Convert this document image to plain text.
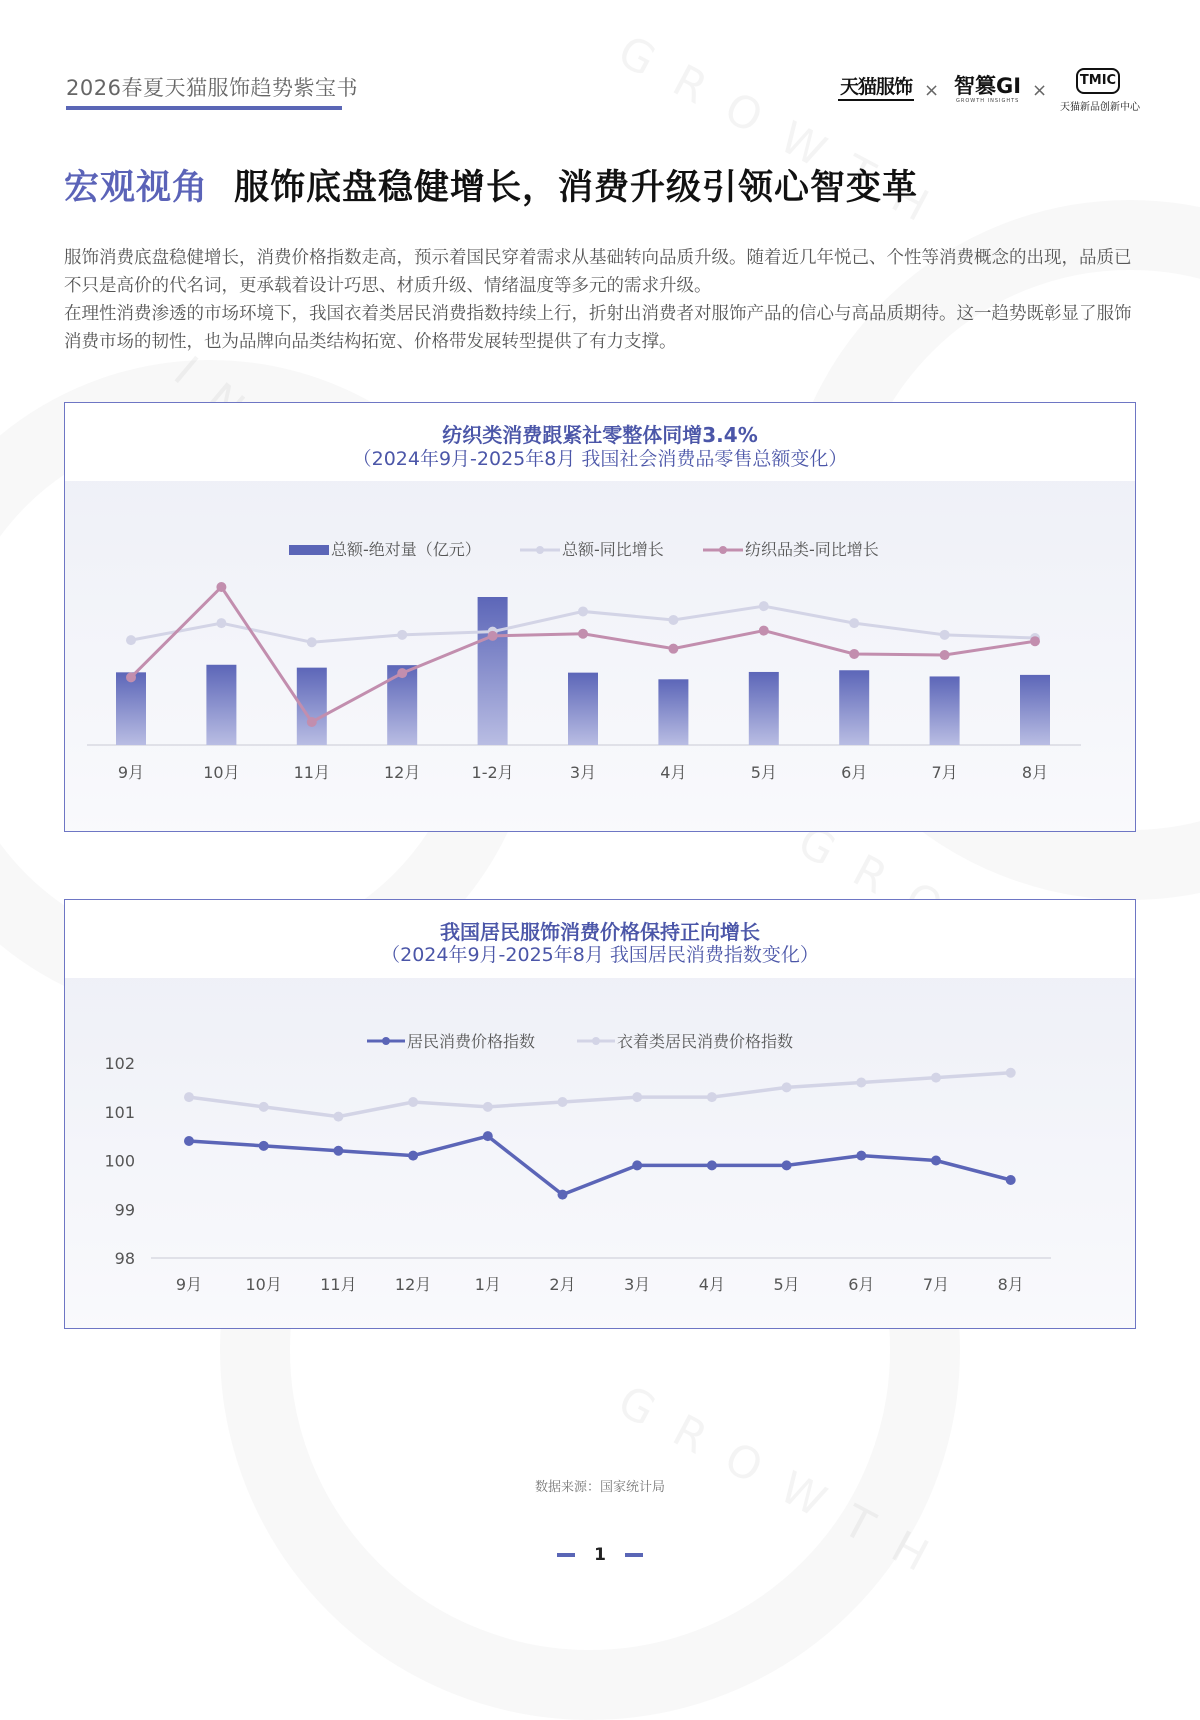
2026春夏天猫服饰趋势紫宝书	天猫服饰 × 智篡GI
GROWTH INSIGHTS ×	TMIC
天猫新品创新中心
宏观视角 服饰底盘稳健增长，消费升级引领心智变革

服饰消费底盘稳健增长，消费价格指数走高，预示着国民穿着需求从基础转向品质升级。随着近几年悦己、个性等消费概念的出现，品质已不只是高价的代名词，更承载着设计巧思、材质升级、情绪温度等多元的需求升级。

在理性消费渗透的市场环境下，我国衣着类居民消费指数持续上行，折射出消费者对服饰产品的信心与高品质期待。这一趋势既彰显了服饰消费市场的韧性，也为品牌向品类结构拓宽、价格带发展转型提供了有力支撑。

纺织类消费跟紧社零整体同增3.4%
（2024年9月-2025年8月 我国社会消费品零售总额变化）
总额-绝对量（亿元）	总额-同比增长	纺织品类-同比增长
9月	10月	11月	12月	1-2月	3月	4月	5月	6月	7月	8月
我国居民服饰消费价格保持正向增长
（2024年9月-2025年8月 我国居民消费指数变化）
居民消费价格指数	衣着类居民消费价格指数
102
101
100
99
98
9月	10月 11月 12月	1月	2月	3月	4月	5月	6月	7月	8月
数据来源：国家统计局
1
